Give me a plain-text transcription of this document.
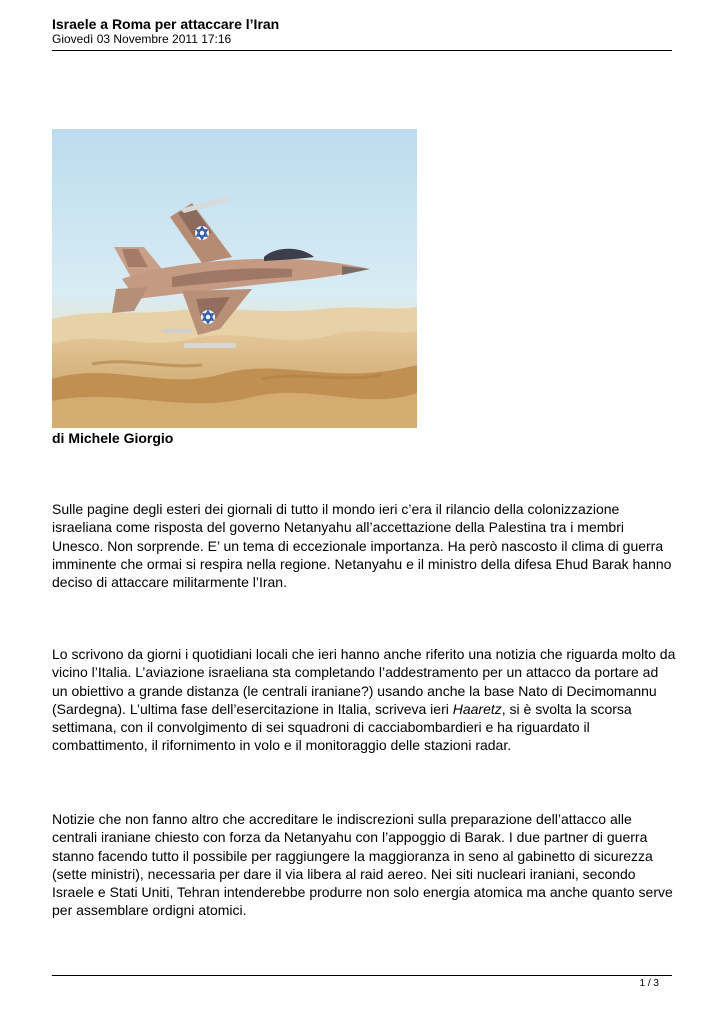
Israele a Roma per attaccare l’Iran
Giovedì 03 Novembre 2011 17:16
di Michele Giorgio

Sulle pagine degli esteri dei giornali di tutto il mondo ieri c’era il rilancio della colonizzazione israeliana come risposta del governo Netanyahu all’accettazione della Palestina tra i membri Unesco. Non sorprende. E’ un tema di eccezionale importanza. Ha però nascosto il clima di guerra imminente che ormai si respira nella regione. Netanyahu e il ministro della difesa Ehud Barak hanno deciso di attaccare militarmente l’Iran.

Lo scrivono da giorni i quotidiani locali che ieri hanno anche riferito una notizia che riguarda molto da vicino l’Italia. L’aviazione israeliana sta completando l’addestramento per un attacco da portare ad un obiettivo a grande distanza (le centrali iraniane?) usando anche la base Nato di Decimomannu (Sardegna). L’ultima fase dell’esercitazione in Italia, scriveva ieri Haaretz, si è svolta la scorsa settimana, con il convolgimento di sei squadroni di cacciabombardieri e ha riguardato il combattimento, il rifornimento in volo e il monitoraggio delle stazioni radar.

Notizie che non fanno altro che accreditare le indiscrezioni sulla preparazione dell’attacco alle centrali iraniane chiesto con forza da Netanyahu con l’appoggio di Barak. I due partner di guerra stanno facendo tutto il possibile per raggiungere la maggioranza in seno al gabinetto di sicurezza (sette ministri), necessaria per dare il via libera al raid aereo. Nei siti nucleari iraniani, secondo Israele e Stati Uniti, Tehran intenderebbe produrre non solo energia atomica ma anche quanto serve per assemblare ordigni atomici.

1 / 3
